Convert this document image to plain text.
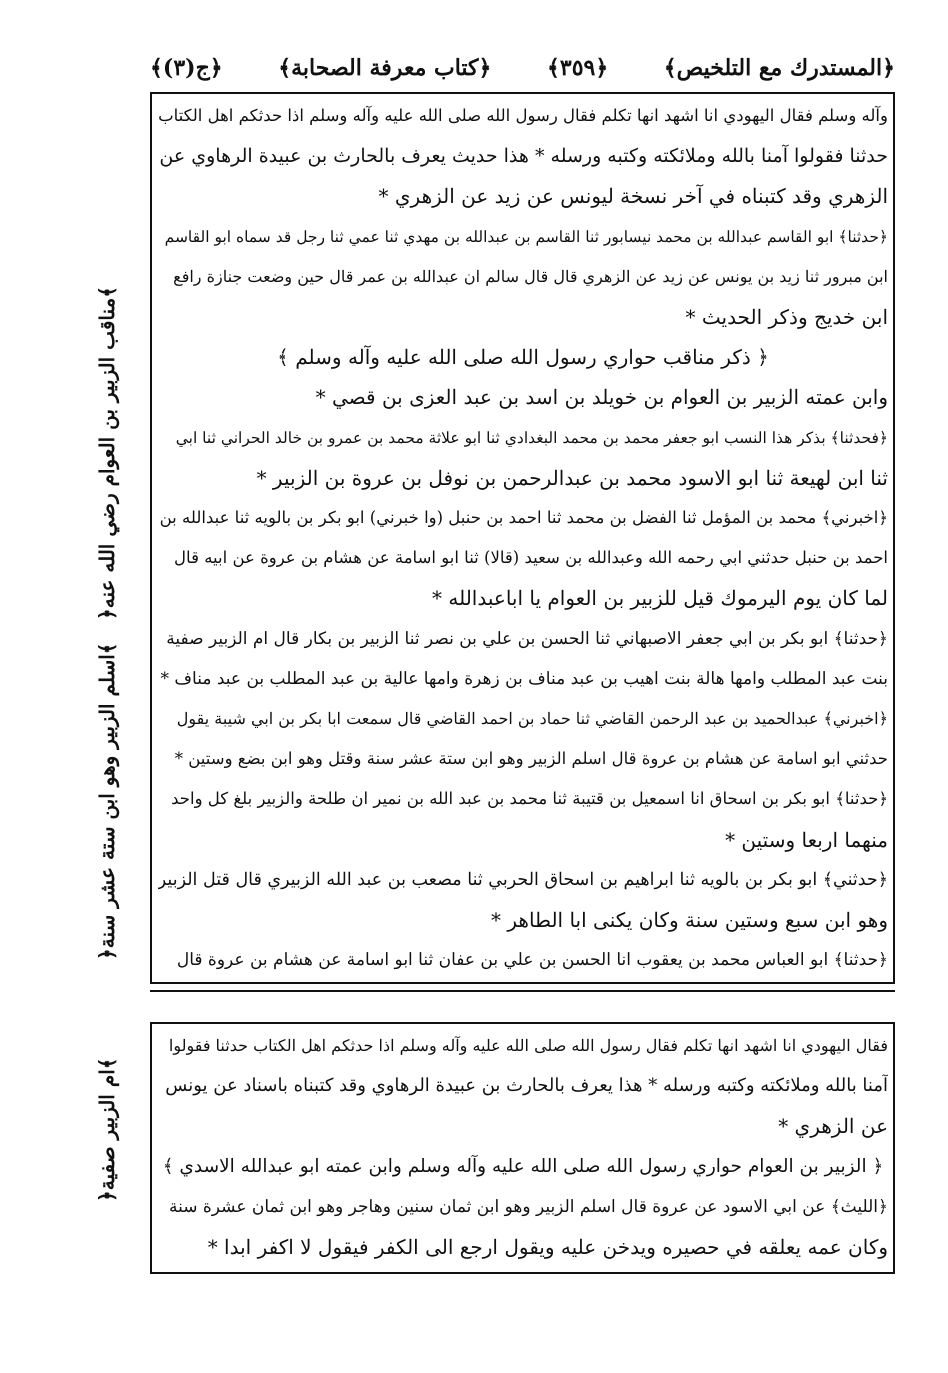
﴿المستدرك مع التلخيص﴾
﴿٣٥٩﴾
﴿كتاب معرفة الصحابة﴾
﴿ج(٣)﴾
وآله وسلم فقال اليهودي انا اشهد انها تكلم فقال رسول الله صلى الله عليه وآله وسلم اذا حدثكم اهل الكتاب
حدثنا فقولوا آمنا بالله وملائكته وكتبه ورسله * هذا حديث يعرف بالحارث بن عبيدة الرهاوي عن
الزهري وقد كتبناه في آخر نسخة ليونس عن زيد عن الزهري *
﴿حدثنا﴾ ابو القاسم عبدالله بن محمد نيسابور ثنا القاسم بن عبدالله بن مهدي ثنا عمي ثنا رجل قد سماه ابو القاسم
ابن مبرور ثنا زيد بن يونس عن زيد عن الزهري قال قال سالم ان عبدالله بن عمر قال حين وضعت جنازة رافع
ابن خديج وذكر الحديث *
﴿ ذكر مناقب حواري رسول الله صلى الله عليه وآله وسلم ﴾
وابن عمته الزبير بن العوام بن خويلد بن اسد بن عبد العزى بن قصي *
﴿فحدثنا﴾ بذكر هذا النسب ابو جعفر محمد بن محمد البغدادي ثنا ابو علاثة محمد بن عمرو بن خالد الحراني ثنا ابي
ثنا ابن لهيعة ثنا ابو الاسود محمد بن عبدالرحمن بن نوفل بن عروة بن الزبير *
﴿اخبرني﴾ محمد بن المؤمل ثنا الفضل بن محمد ثنا احمد بن حنبل (وا خبرني) ابو بكر بن بالويه ثنا عبدالله بن
احمد بن حنبل حدثني ابي رحمه الله وعبدالله بن سعيد (قالا) ثنا ابو اسامة عن هشام بن عروة عن ابيه قال
لما كان يوم اليرموك قيل للزبير بن العوام يا اباعبدالله *
﴿حدثنا﴾ ابو بكر بن ابي جعفر الاصبهاني ثنا الحسن بن علي بن نصر ثنا الزبير بن بكار قال ام الزبير صفية
بنت عبد المطلب وامها هالة بنت اهيب بن عبد مناف بن زهرة وامها عالية بن عبد المطلب بن عبد مناف *
﴿اخبرني﴾ عبدالحميد بن عبد الرحمن القاضي ثنا حماد بن احمد القاضي قال سمعت ابا بكر بن ابي شيبة يقول
حدثني ابو اسامة عن هشام بن عروة قال اسلم الزبير وهو ابن ستة عشر سنة وقتل وهو ابن بضع وستين *
﴿حدثنا﴾ ابو بكر بن اسحاق انا اسمعيل بن قتيبة ثنا محمد بن عبد الله بن نمير ان طلحة والزبير بلغ كل واحد
منهما اربعا وستين *
﴿حدثني﴾ ابو بكر بن بالويه ثنا ابراهيم بن اسحاق الحربي ثنا مصعب بن عبد الله الزبيري قال قتل الزبير
وهو ابن سبع وستين سنة وكان يكنى ابا الطاهر *
﴿حدثنا﴾ ابو العباس محمد بن يعقوب انا الحسن بن علي بن عفان ثنا ابو اسامة عن هشام بن عروة قال
فقال اليهودي انا اشهد انها تكلم فقال رسول الله صلى الله عليه وآله وسلم اذا حدثكم اهل الكتاب حدثنا فقولوا
آمنا بالله وملائكته وكتبه ورسله * هذا يعرف بالحارث بن عبيدة الرهاوي وقد كتبناه باسناد عن يونس
عن الزهري *
﴿ الزبير بن العوام حواري رسول الله صلى الله عليه وآله وسلم وابن عمته ابو عبدالله الاسدي ﴾
﴿الليث﴾ عن ابي الاسود عن عروة قال اسلم الزبير وهو ابن ثمان سنين وهاجر وهو ابن ثمان عشرة سنة
وكان عمه يعلقه في حصيره ويدخن عليه ويقول ارجع الى الكفر فيقول لا اكفر ابدا *
﴿مناقب الزبير بن العوام رضي الله عنه﴾
﴿اسلم الزبير وهو ابن ستة عشر سنة﴾
﴿ام الزبير صفية﴾
